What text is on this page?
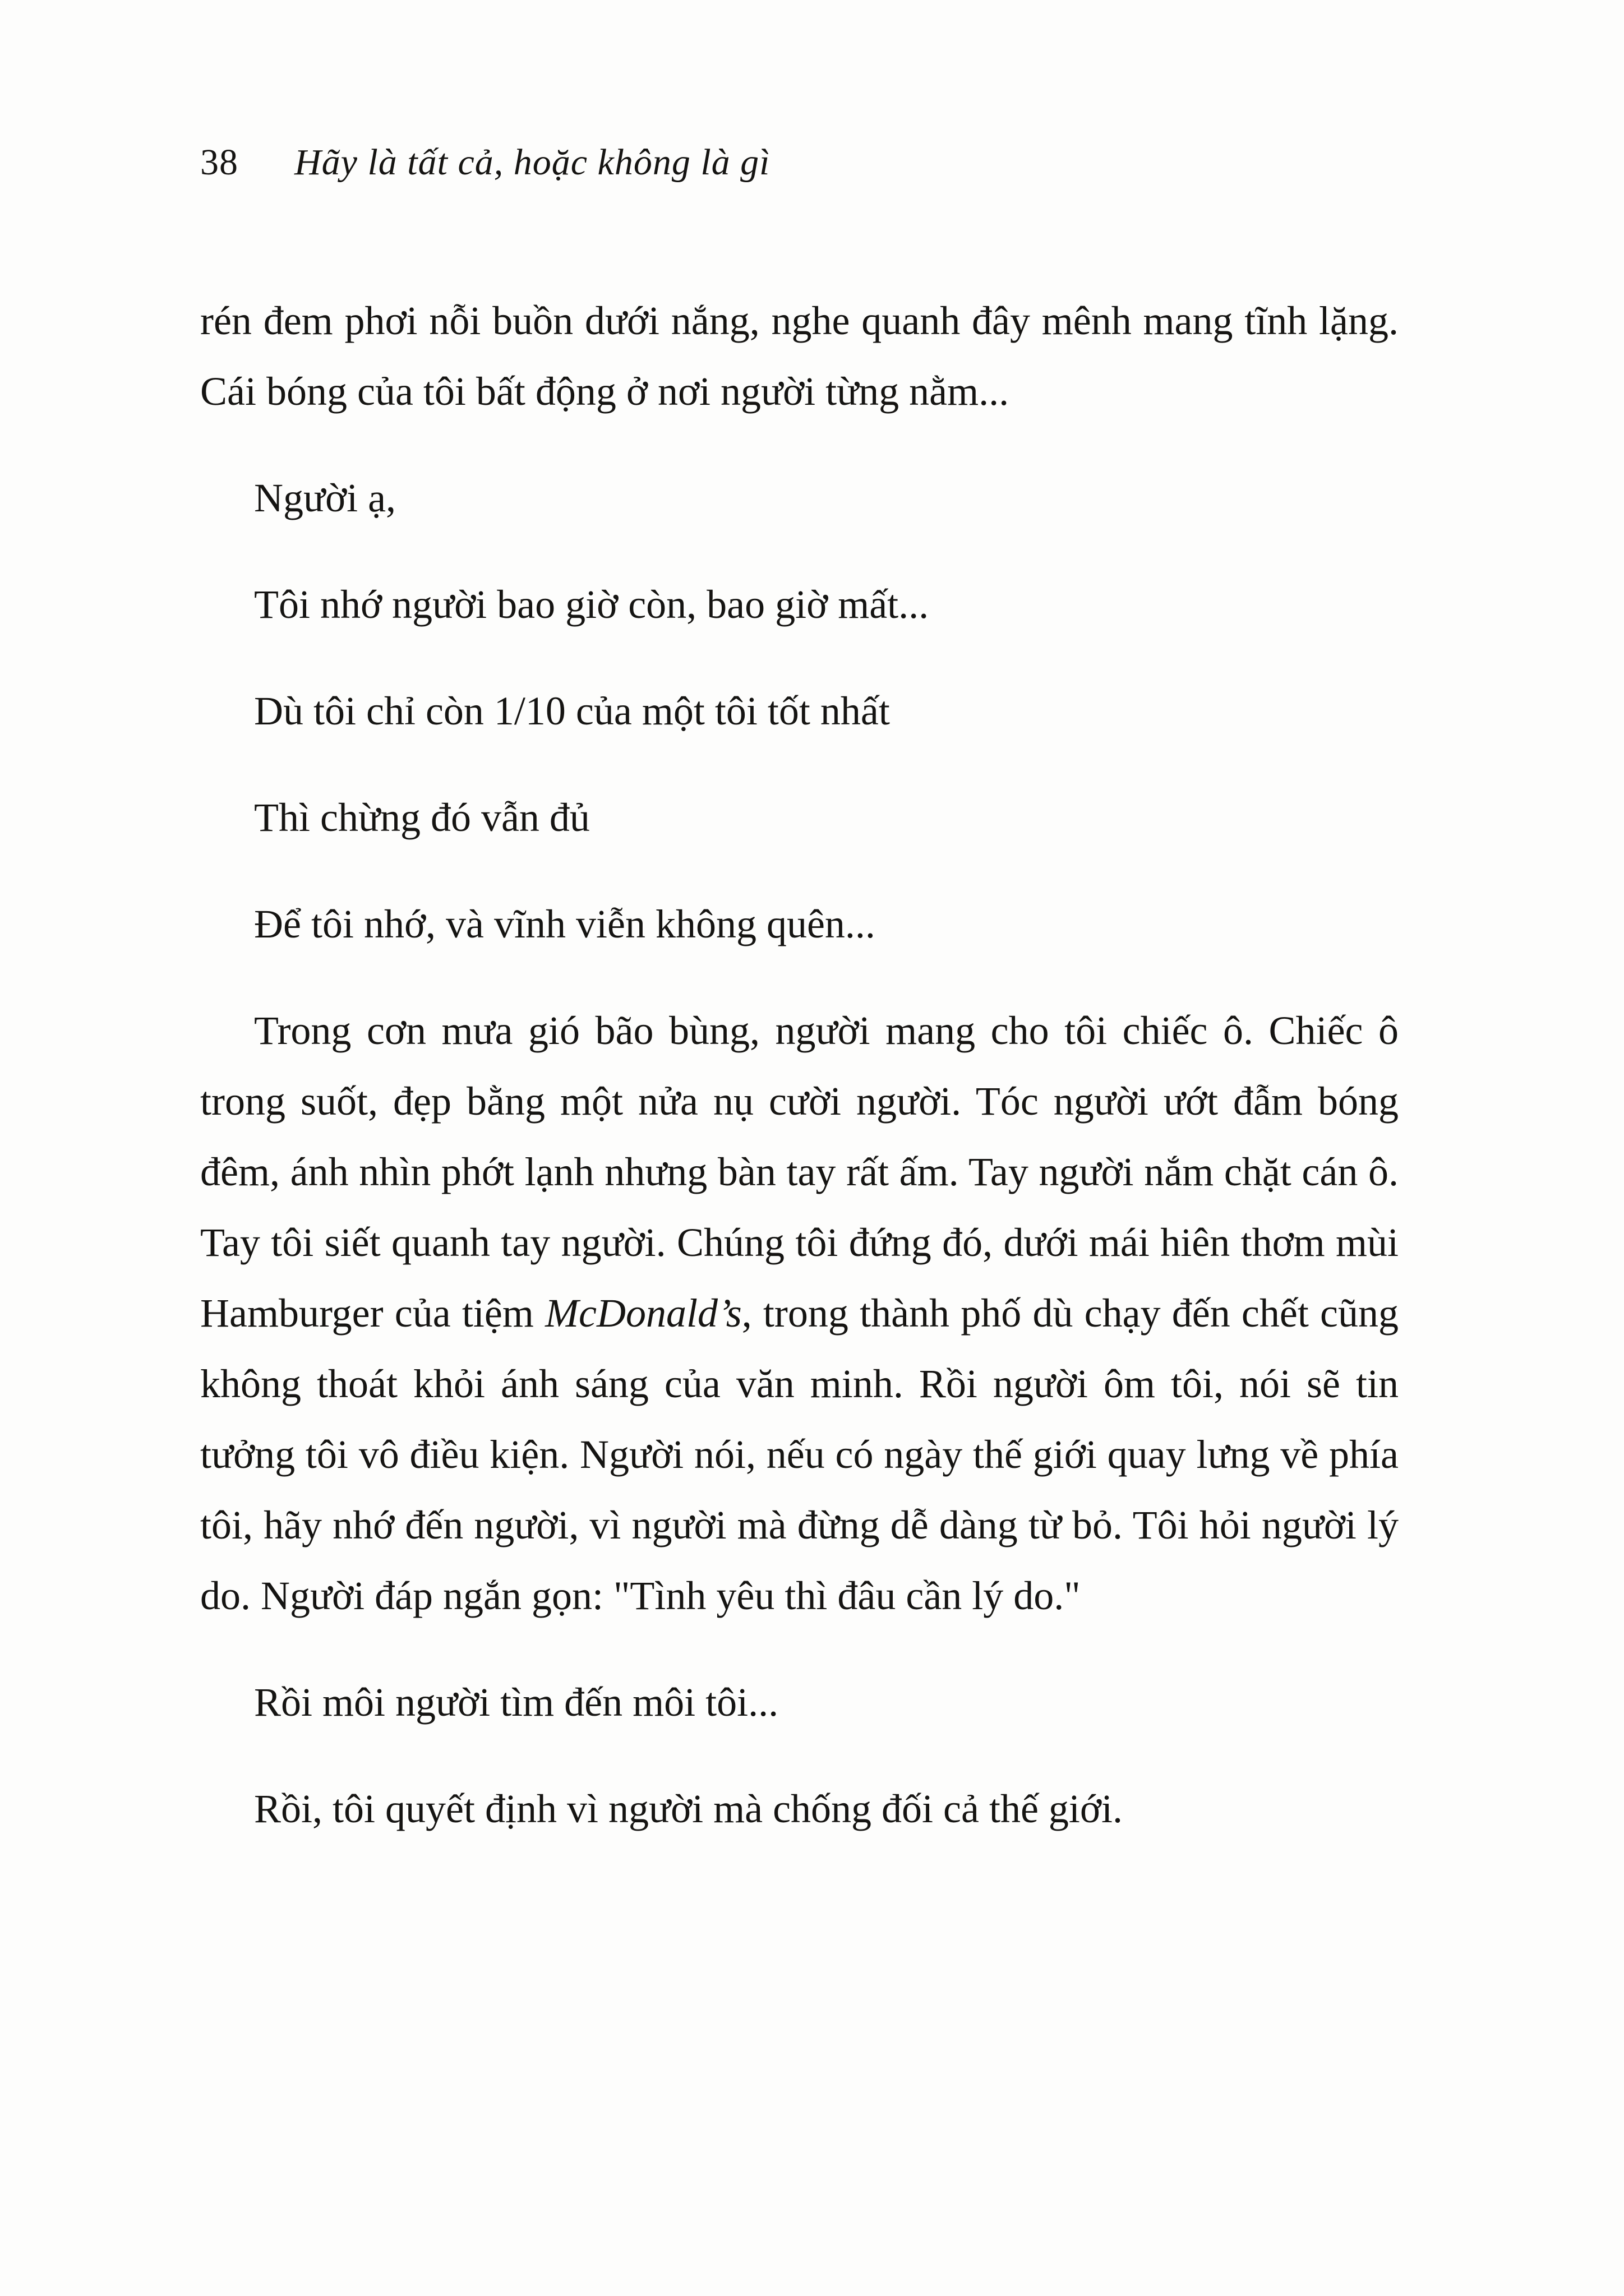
38 Hãy là tất cả, hoặc không là gì

rén đem phơi nỗi buồn dưới nắng, nghe quanh đây mênh mang tĩnh lặng. Cái bóng của tôi bất động ở nơi người từng nằm...

Người ạ,

Tôi nhớ người bao giờ còn, bao giờ mất...

Dù tôi chỉ còn 1/10 của một tôi tốt nhất

Thì chừng đó vẫn đủ

Để tôi nhớ, và vĩnh viễn không quên...

Trong cơn mưa gió bão bùng, người mang cho tôi chiếc ô. Chiếc ô trong suốt, đẹp bằng một nửa nụ cười người. Tóc người ướt đẫm bóng đêm, ánh nhìn phớt lạnh nhưng bàn tay rất ấm. Tay người nắm chặt cán ô. Tay tôi siết quanh tay người. Chúng tôi đứng đó, dưới mái hiên thơm mùi Hamburger của tiệm McDonald’s, trong thành phố dù chạy đến chết cũng không thoát khỏi ánh sáng của văn minh. Rồi người ôm tôi, nói sẽ tin tưởng tôi vô điều kiện. Người nói, nếu có ngày thế giới quay lưng về phía tôi, hãy nhớ đến người, vì người mà đừng dễ dàng từ bỏ. Tôi hỏi người lý do. Người đáp ngắn gọn: "Tình yêu thì đâu cần lý do."

Rồi môi người tìm đến môi tôi...

Rồi, tôi quyết định vì người mà chống đối cả thế giới.
